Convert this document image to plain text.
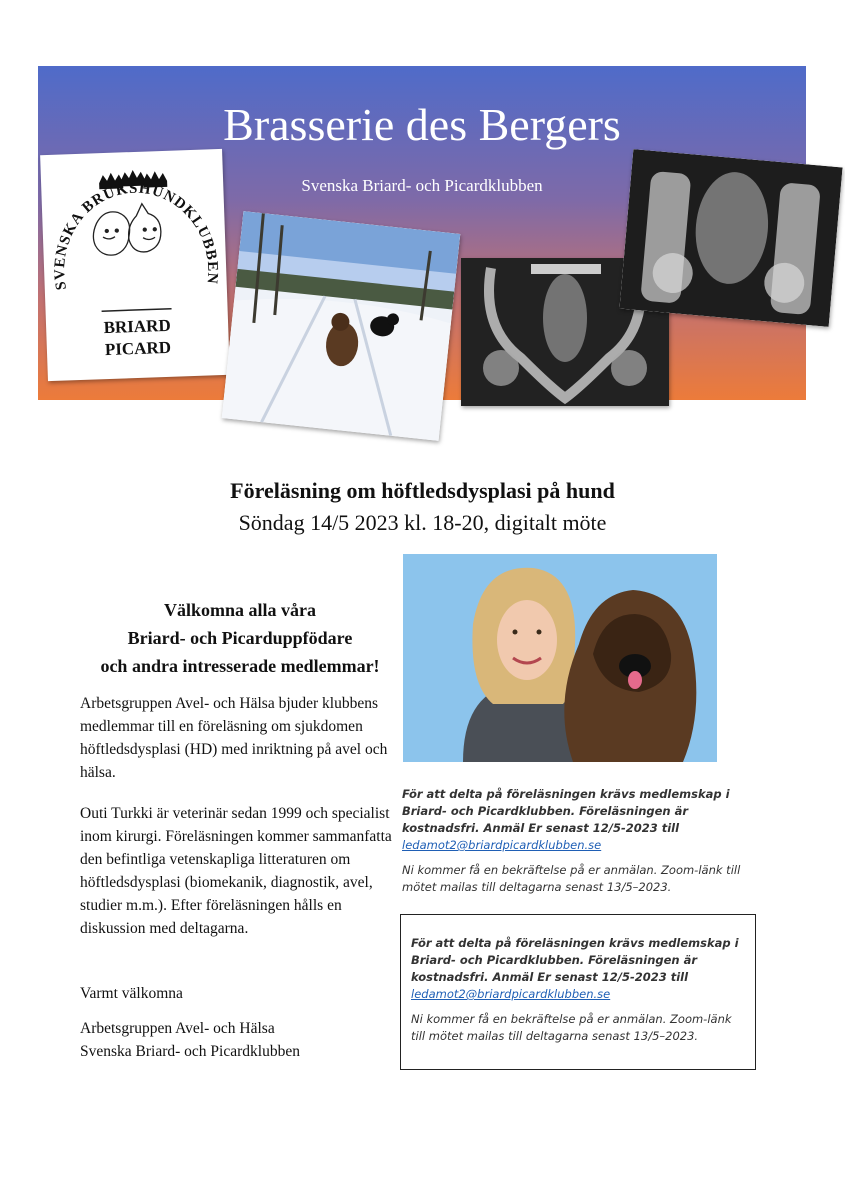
Brasserie des Bergers
Svenska Briard- och Picardklubben
SVENSKA BRUKSHUNDKLUBBEN
BRIARD
PICARD
Föreläsning om höftledsdysplasi på hund
Söndag 14/5 2023 kl. 18-20, digitalt möte
Välkomna alla våra
Briard- och Picarduppfödare
och andra intresserade medlemmar!
Arbetsgruppen Avel- och Hälsa bjuder klubbens medlemmar till en föreläsning om sjukdomen höftledsdysplasi (HD) med inriktning på avel och hälsa.
Outi Turkki är veterinär sedan 1999 och specialist inom kirurgi. Föreläsningen kommer sammanfatta den befintliga vetenskapliga litteraturen om höftledsdysplasi (biomekanik, diagnostik, avel, studier m.m.). Efter föreläsningen hålls en diskussion med deltagarna.
Varmt välkomna
Arbetsgruppen Avel- och Hälsa
Svenska Briard- och Picardklubben
För att delta på föreläsningen krävs medlemskap i Briard- och Picardklubben. Föreläsningen är kostnadsfri. Anmäl Er senast 12/5-2023 till
ledamot2@briardpicardklubben.se
Ni kommer få en bekräftelse på er anmälan. Zoom-länk till mötet mailas till deltagarna senast 13/5–2023.
För att delta på föreläsningen krävs medlemskap i Briard- och Picardklubben. Föreläsningen är kostnadsfri. Anmäl Er senast 12/5-2023 till
ledamot2@briardpicardklubben.se
Ni kommer få en bekräftelse på er anmälan. Zoom-länk till mötet mailas till deltagarna senast 13/5–2023.
